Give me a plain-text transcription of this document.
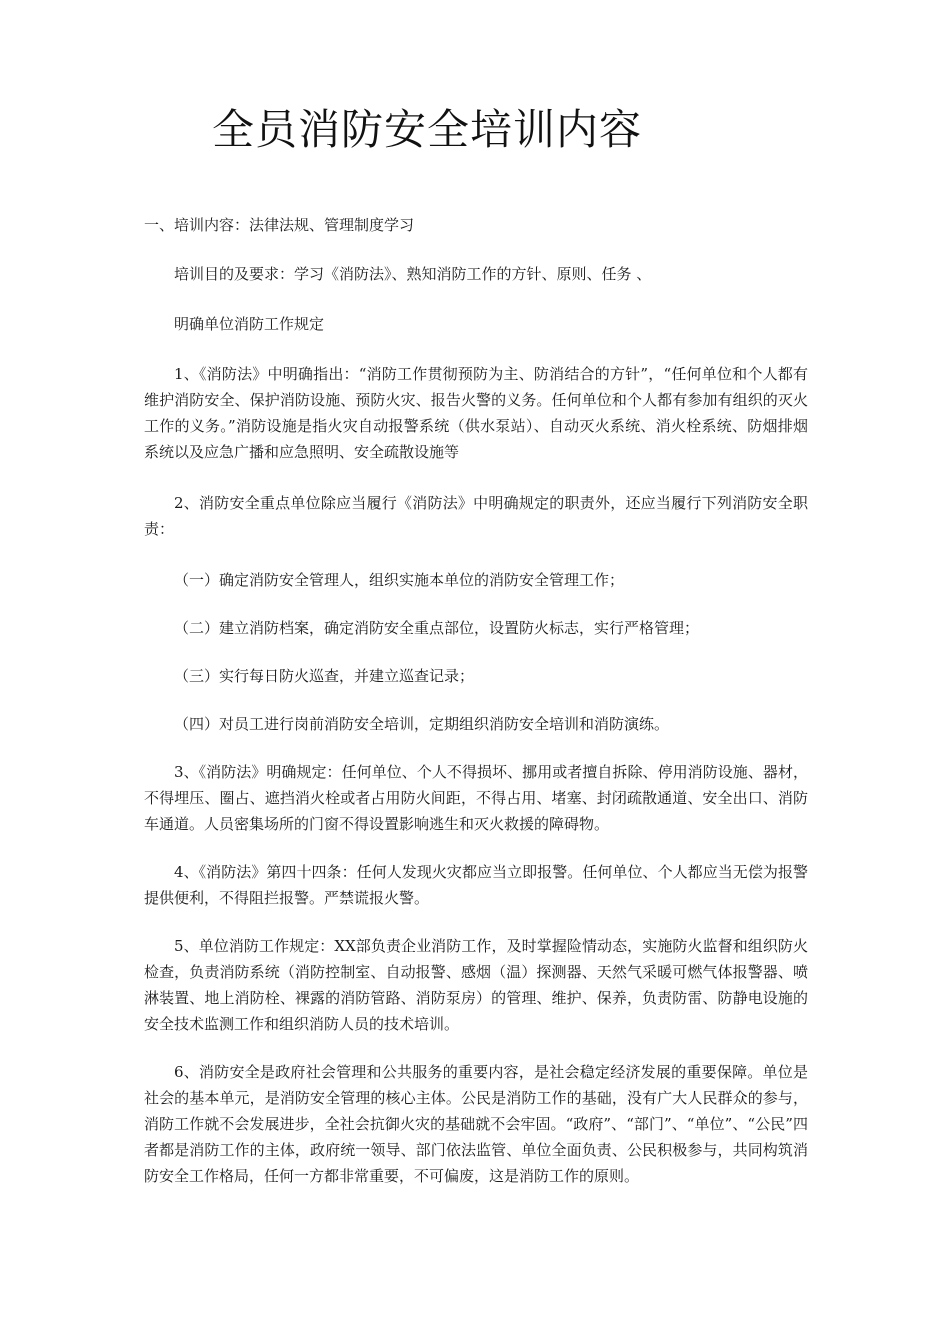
全员消防安全培训内容

一、培训内容：法律法规、管理制度学习

培训目的及要求：学习《消防法》、熟知消防工作的方针、原则、任务 、

明确单位消防工作规定

1、《消防法》中明确指出：“消防工作贯彻预防为主、防消结合的方针”，“任何单位和个人都有维护消防安全、保护消防设施、预防火灾、报告火警的义务。任何单位和个人都有参加有组织的灭火工作的义务。”消防设施是指火灾自动报警系统（供水泵站）、自动灭火系统、消火栓系统、防烟排烟系统以及应急广播和应急照明、安全疏散设施等

2、消防安全重点单位除应当履行《消防法》中明确规定的职责外，还应当履行下列消防安全职责：

（一）确定消防安全管理人，组织实施本单位的消防安全管理工作；

（二）建立消防档案，确定消防安全重点部位，设置防火标志，实行严格管理；

（三）实行每日防火巡查，并建立巡查记录；

（四）对员工进行岗前消防安全培训，定期组织消防安全培训和消防演练。

3、《消防法》明确规定：任何单位、个人不得损坏、挪用或者擅自拆除、停用消防设施、器材，不得埋压、圈占、遮挡消火栓或者占用防火间距，不得占用、堵塞、封闭疏散通道、安全出口、消防车通道。人员密集场所的门窗不得设置影响逃生和灭火救援的障碍物。

4、《消防法》第四十四条：任何人发现火灾都应当立即报警。任何单位、个人都应当无偿为报警提供便利，不得阻拦报警。严禁谎报火警。

5、单位消防工作规定：XX部负责企业消防工作，及时掌握险情动态，实施防火监督和组织防火检查，负责消防系统（消防控制室、自动报警、感烟（温）探测器、天然气采暖可燃气体报警器、喷淋装置、地上消防栓、裸露的消防管路、消防泵房）的管理、维护、保养，负责防雷、防静电设施的安全技术监测工作和组织消防人员的技术培训。

6、消防安全是政府社会管理和公共服务的重要内容，是社会稳定经济发展的重要保障。单位是社会的基本单元，是消防安全管理的核心主体。公民是消防工作的基础，没有广大人民群众的参与，消防工作就不会发展进步，全社会抗御火灾的基础就不会牢固。“政府”、“部门”、“单位”、“公民”四者都是消防工作的主体，政府统一领导、部门依法监管、单位全面负责、公民积极参与，共同构筑消防安全工作格局，任何一方都非常重要，不可偏废，这是消防工作的原则。
